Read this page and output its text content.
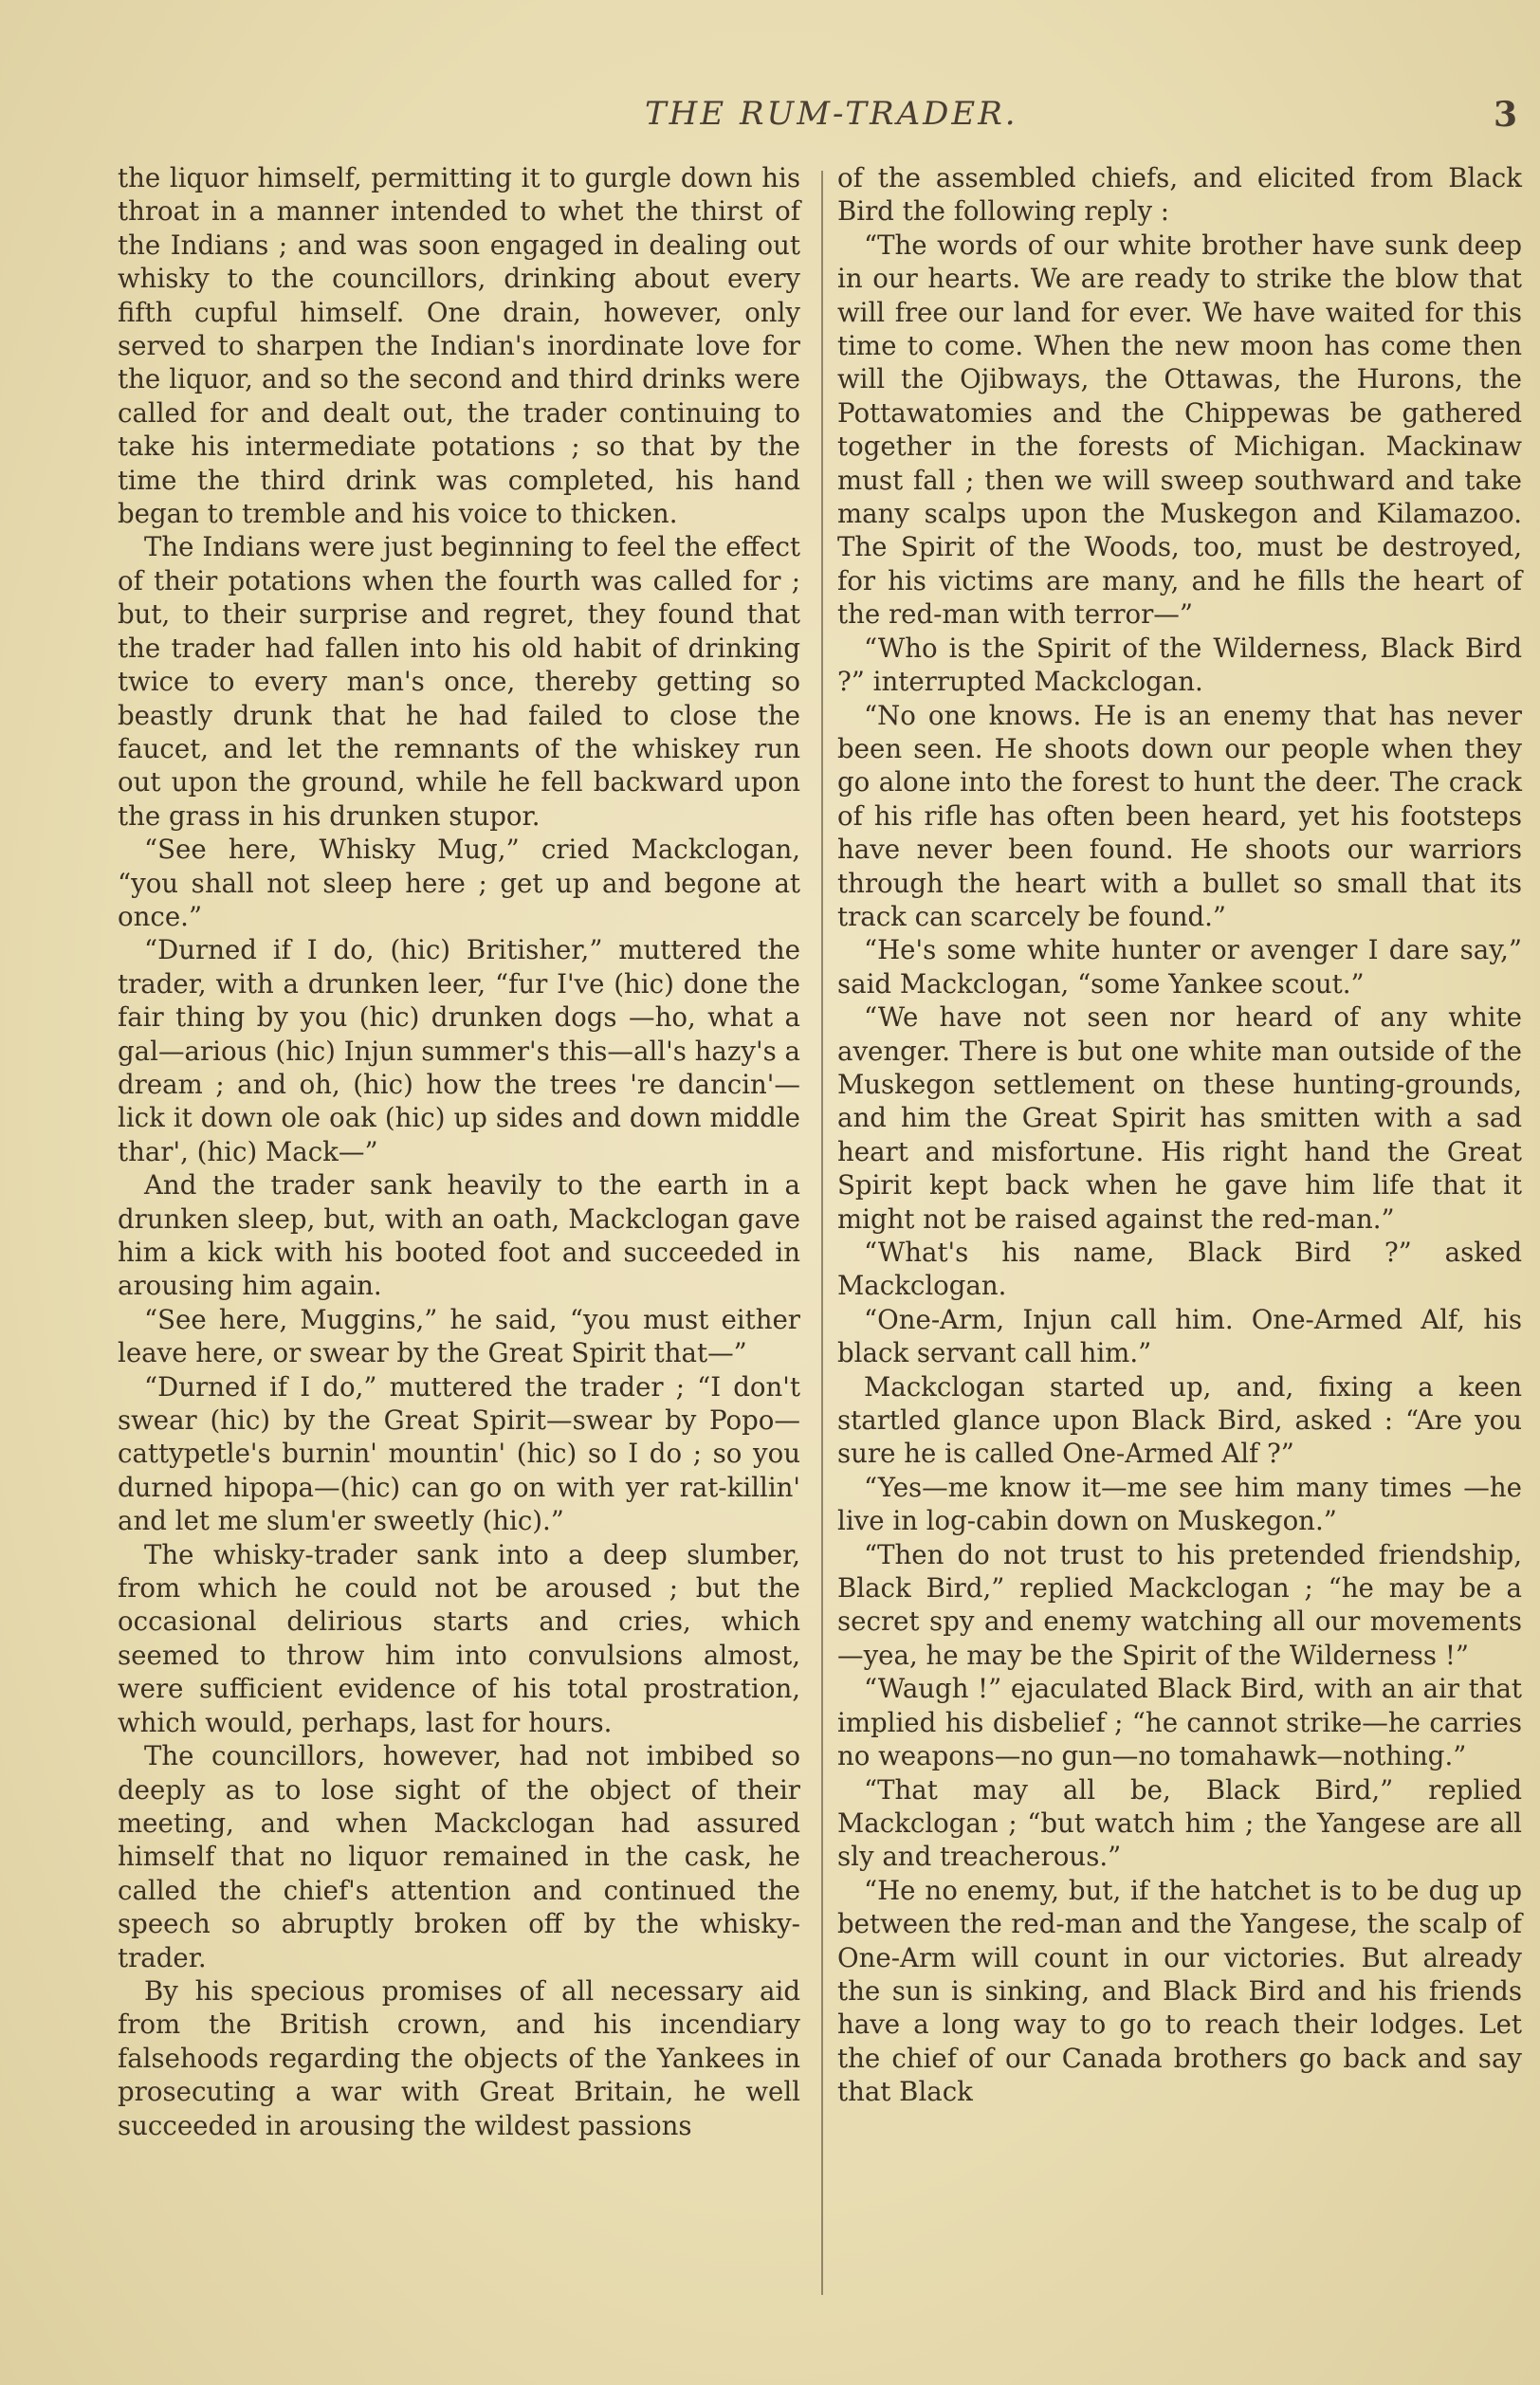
THE RUM-TRADER.	3

the liquor himself, permitting it to gurgle down his throat in a manner intended to whet the thirst of the Indians ; and was soon engaged in dealing out whisky to the councillors, drinking about every fifth cupful himself. One drain, however, only served to sharpen the Indian's inordinate love for the liquor, and so the second and third drinks were called for and dealt out, the trader continuing to take his intermediate potations ; so that by the time the third drink was completed, his hand began to tremble and his voice to thicken.

The Indians were just beginning to feel the effect of their potations when the fourth was called for ; but, to their surprise and regret, they found that the trader had fallen into his old habit of drinking twice to every man's once, thereby getting so beastly drunk that he had failed to close the faucet, and let the remnants of the whiskey run out upon the ground, while he fell backward upon the grass in his drunken stupor.

“See here, Whisky Mug,” cried Mackclogan, “you shall not sleep here ; get up and begone at once.”

“Durned if I do, (hic) Britisher,” muttered the trader, with a drunken leer, “fur I've (hic) done the fair thing by you (hic) drunken dogs —ho, what a gal—arious (hic) Injun summer's this—all's hazy's a dream ; and oh, (hic) how the trees 're dancin'—lick it down ole oak (hic) up sides and down middle thar', (hic) Mack—”

And the trader sank heavily to the earth in a drunken sleep, but, with an oath, Mackclogan gave him a kick with his booted foot and succeeded in arousing him again.

“See here, Muggins,” he said, “you must either leave here, or swear by the Great Spirit that—”

“Durned if I do,” muttered the trader ; “I don't swear (hic) by the Great Spirit—swear by Popo—cattypetle's burnin' mountin' (hic) so I do ; so you durned hipopa—(hic) can go on with yer rat-killin' and let me slum'er sweetly (hic).”

The whisky-trader sank into a deep slumber, from which he could not be aroused ; but the occasional delirious starts and cries, which seemed to throw him into convulsions almost, were sufficient evidence of his total prostration, which would, perhaps, last for hours.

The councillors, however, had not imbibed so deeply as to lose sight of the object of their meeting, and when Mackclogan had assured himself that no liquor remained in the cask, he called the chief's attention and continued the speech so abruptly broken off by the whisky-trader.

By his specious promises of all necessary aid from the British crown, and his incendiary falsehoods regarding the objects of the Yankees in prosecuting a war with Great Britain, he well succeeded in arousing the wildest passions

of the assembled chiefs, and elicited from Black Bird the following reply :

“The words of our white brother have sunk deep in our hearts. We are ready to strike the blow that will free our land for ever. We have waited for this time to come. When the new moon has come then will the Ojibways, the Ottawas, the Hurons, the Pottawatomies and the Chippewas be gathered together in the forests of Michigan. Mackinaw must fall ; then we will sweep southward and take many scalps upon the Muskegon and Kilamazoo. The Spirit of the Woods, too, must be destroyed, for his victims are many, and he fills the heart of the red-man with terror—”

“Who is the Spirit of the Wilderness, Black Bird ?” interrupted Mackclogan.

“No one knows. He is an enemy that has never been seen. He shoots down our people when they go alone into the forest to hunt the deer. The crack of his rifle has often been heard, yet his footsteps have never been found. He shoots our warriors through the heart with a bullet so small that its track can scarcely be found.”

“He's some white hunter or avenger I dare say,” said Mackclogan, “some Yankee scout.”

“We have not seen nor heard of any white avenger. There is but one white man outside of the Muskegon settlement on these hunting-grounds, and him the Great Spirit has smitten with a sad heart and misfortune. His right hand the Great Spirit kept back when he gave him life that it might not be raised against the red-man.”

“What's his name, Black Bird ?” asked Mackclogan.

“One-Arm, Injun call him. One-Armed Alf, his black servant call him.”

Mackclogan started up, and, fixing a keen startled glance upon Black Bird, asked : “Are you sure he is called One-Armed Alf ?”

“Yes—me know it—me see him many times —he live in log-cabin down on Muskegon.”

“Then do not trust to his pretended friendship, Black Bird,” replied Mackclogan ; “he may be a secret spy and enemy watching all our movements—yea, he may be the Spirit of the Wilderness !”

“Waugh !” ejaculated Black Bird, with an air that implied his disbelief ; “he cannot strike—he carries no weapons—no gun—no tomahawk—nothing.”

“That may all be, Black Bird,” replied Mackclogan ; “but watch him ; the Yangese are all sly and treacherous.”

“He no enemy, but, if the hatchet is to be dug up between the red-man and the Yangese, the scalp of One-Arm will count in our victories. But already the sun is sinking, and Black Bird and his friends have a long way to go to reach their lodges. Let the chief of our Canada brothers go back and say that Black
